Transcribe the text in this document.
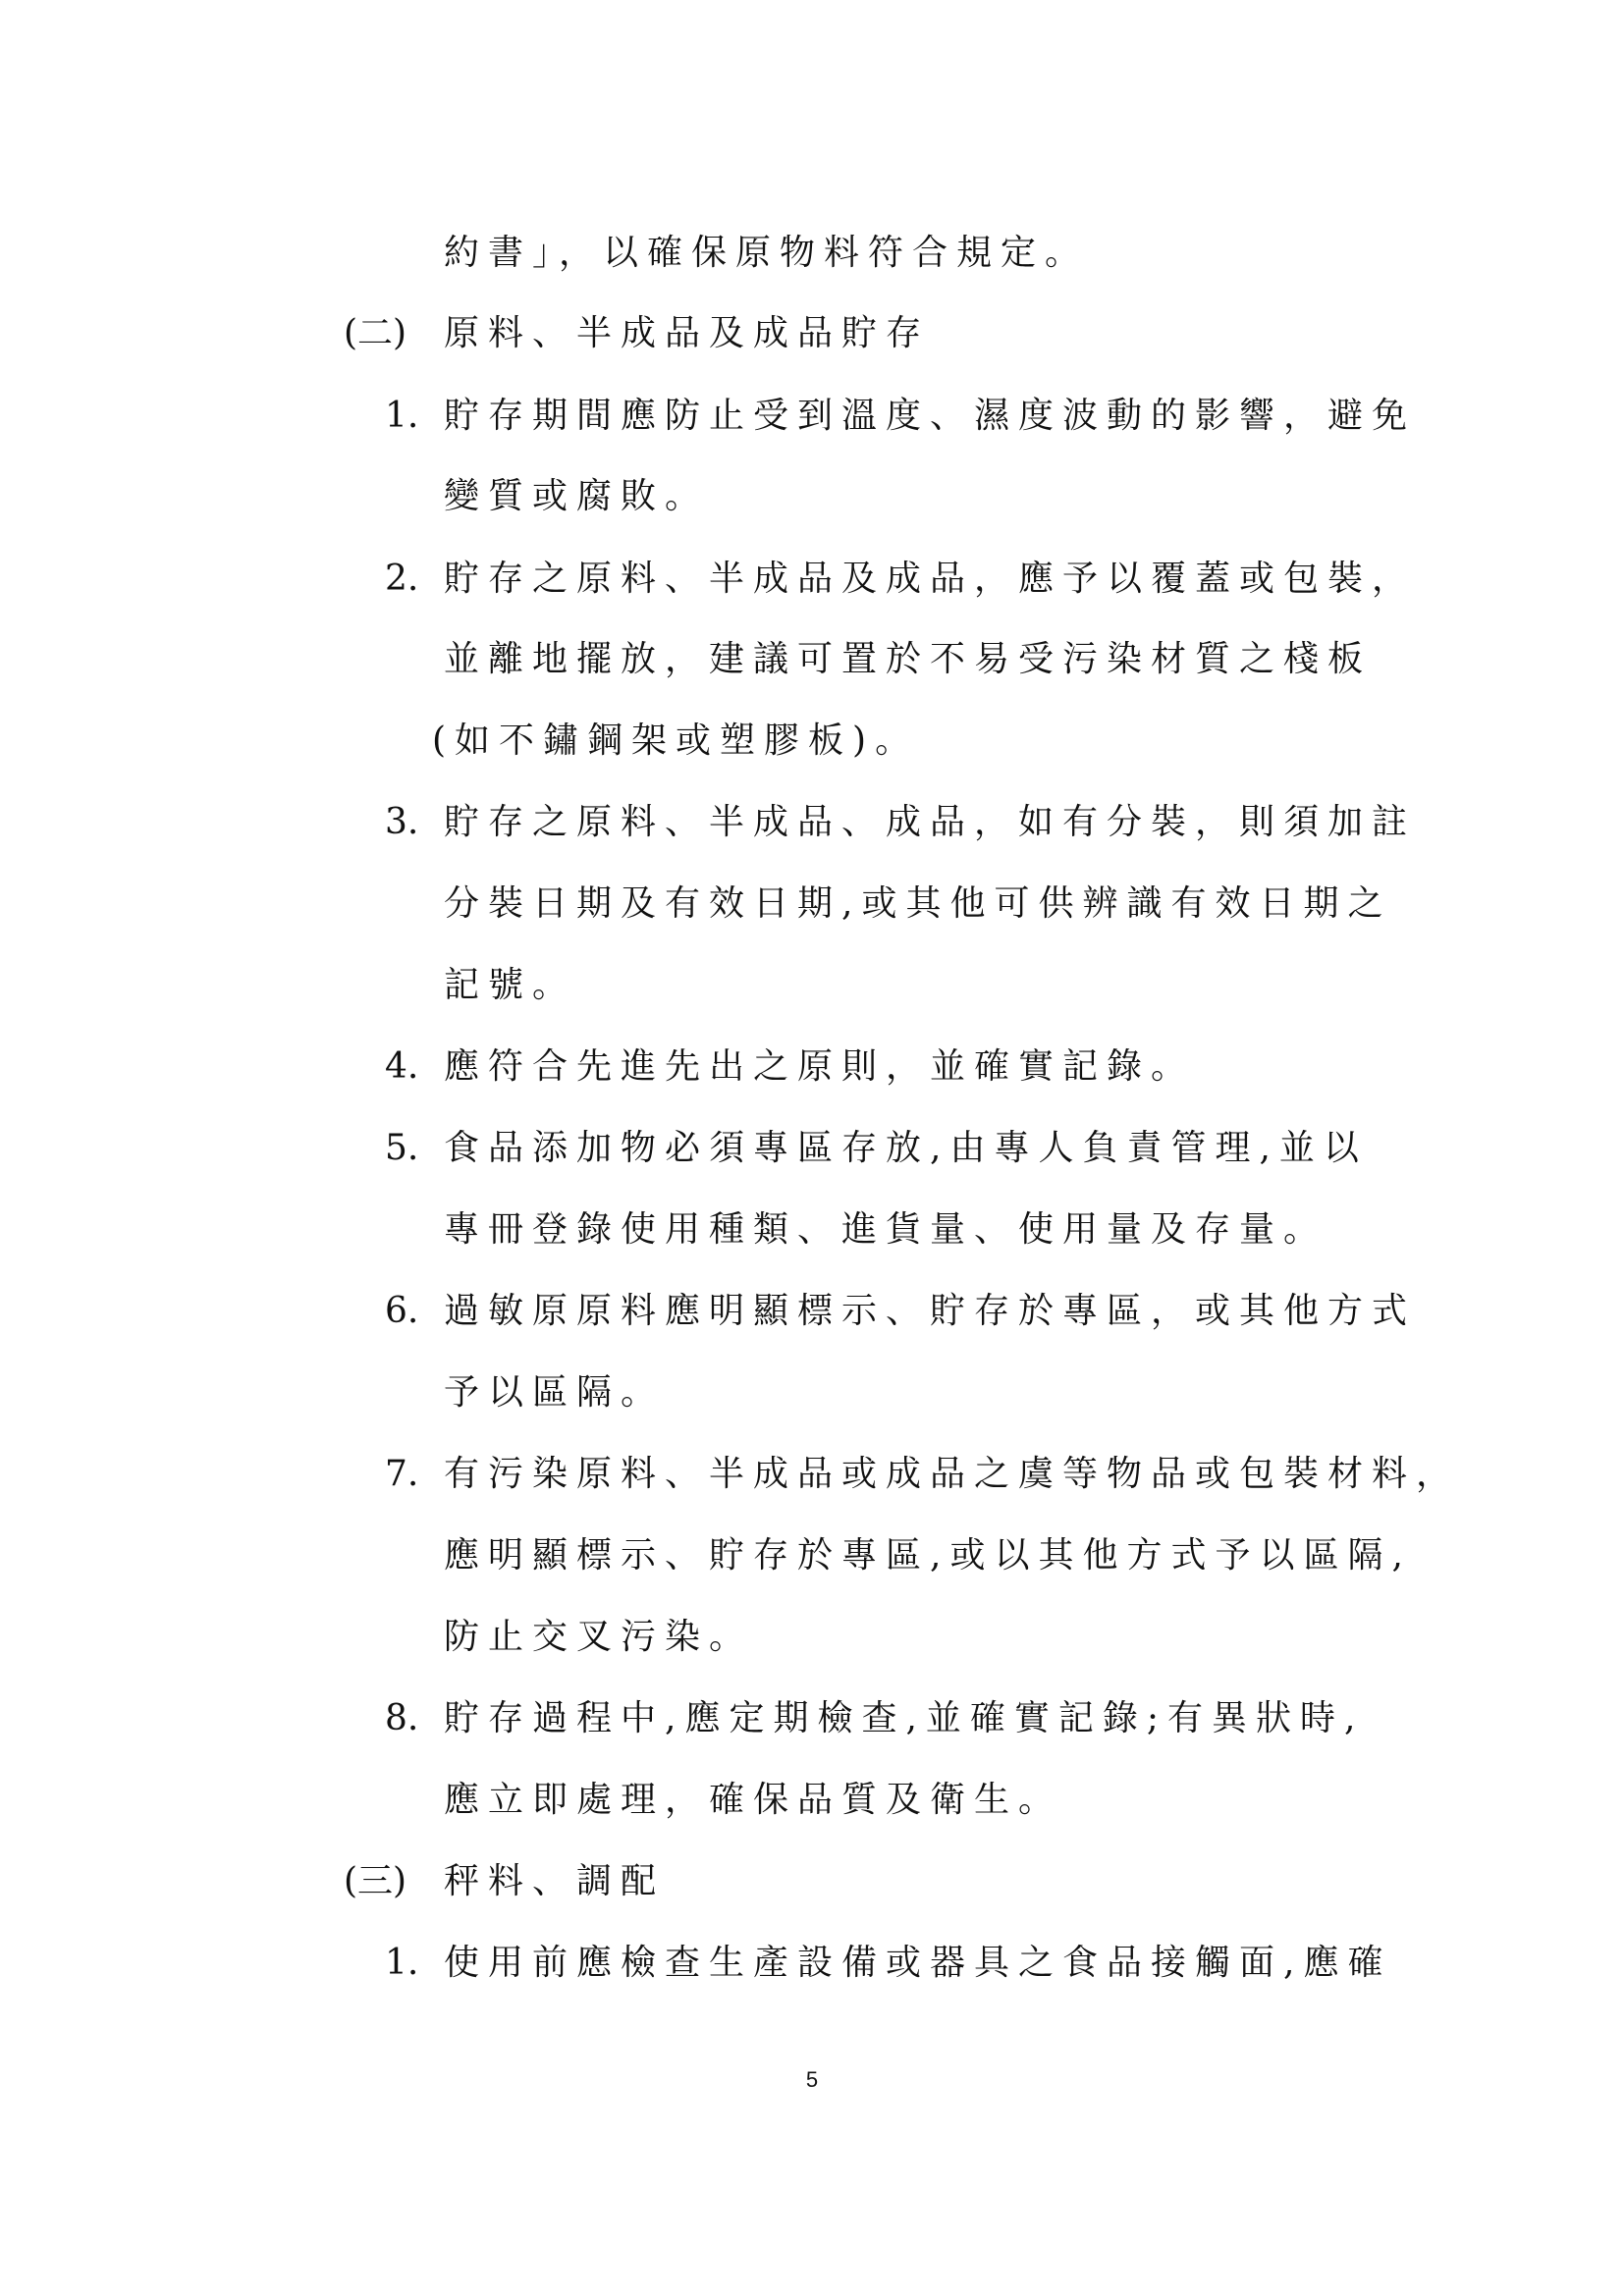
約書」，以確保原物料符合規定。
(二) 原料、半成品及成品貯存
1. 貯存期間應防止受到溫度、濕度波動的影響，避免
變質或腐敗。
2. 貯存之原料、半成品及成品，應予以覆蓋或包裝，
並離地擺放，建議可置於不易受污染材質之棧板
(如不鏽鋼架或塑膠板)。
3. 貯存之原料、半成品、成品，如有分裝，則須加註
分裝日期及有效日期,或其他可供辨識有效日期之
記號。
4. 應符合先進先出之原則，並確實記錄。
5. 食品添加物必須專區存放,由專人負責管理,並以
專冊登錄使用種類、進貨量、使用量及存量。
6. 過敏原原料應明顯標示、貯存於專區，或其他方式
予以區隔。
7. 有污染原料、半成品或成品之虞等物品或包裝材料，
應明顯標示、貯存於專區,或以其他方式予以區隔,
防止交叉污染。
8. 貯存過程中,應定期檢查,並確實記錄;有異狀時,
應立即處理，確保品質及衛生。
(三) 秤料、調配
1. 使用前應檢查生產設備或器具之食品接觸面,應確
5
